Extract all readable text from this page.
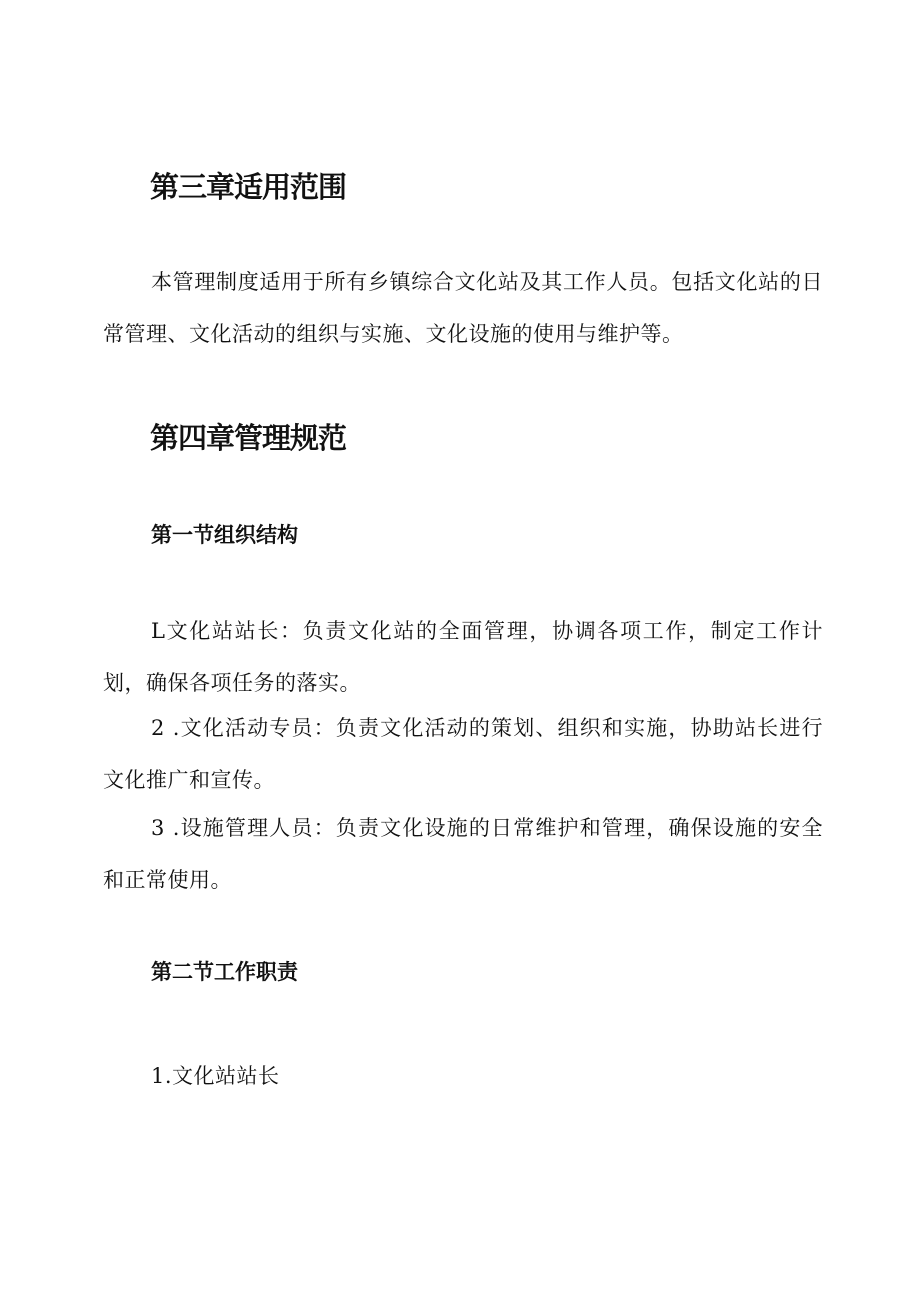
第三章适用范围

本管理制度适用于所有乡镇综合文化站及其工作人员。包括文化站的日常管理、文化活动的组织与实施、文化设施的使用与维护等。

第四章管理规范
第一节组织结构

L文化站站长：负责文化站的全面管理，协调各项工作，制定工作计划，确保各项任务的落实。

2 .文化活动专员：负责文化活动的策划、组织和实施，协助站长进行文化推广和宣传。

3 .设施管理人员：负责文化设施的日常维护和管理，确保设施的安全和正常使用。

第二节工作职责

1.文化站站长
